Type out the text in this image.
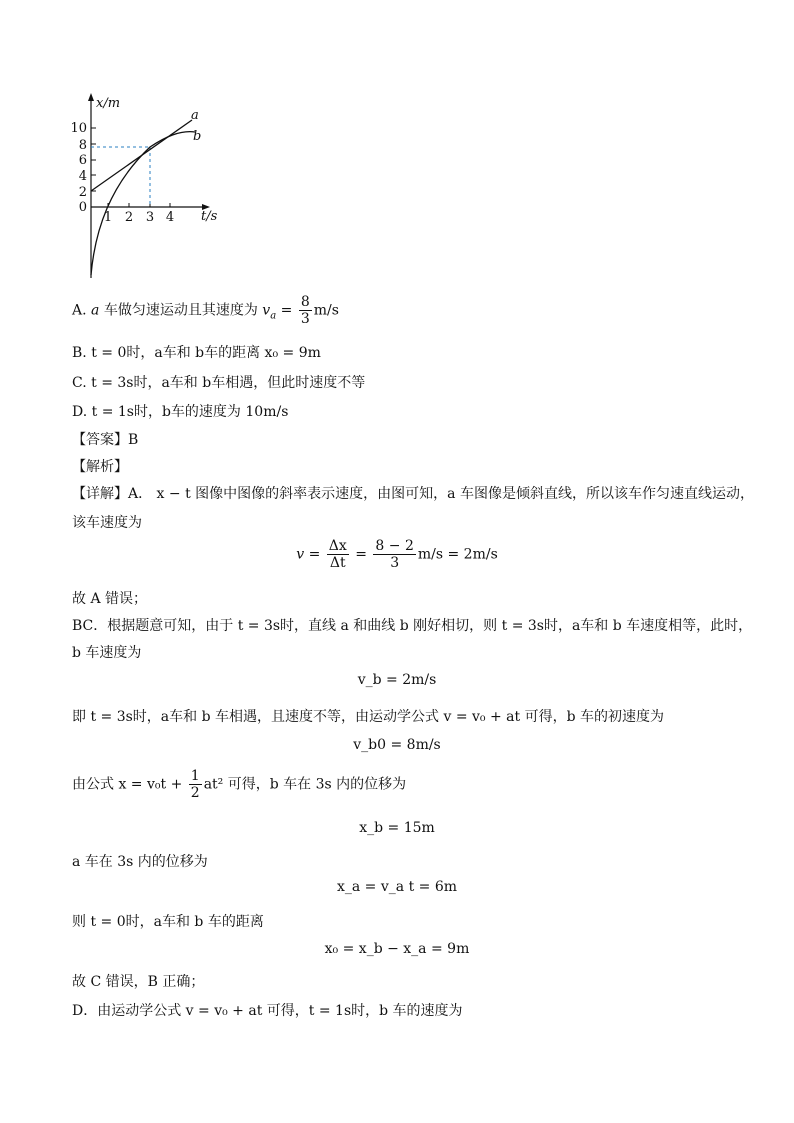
x/m
t/s
a
b
10
8
6
4
2
0
1 2 3 4
A. a 车做匀速运动且其速度为 $v_a = \frac{8}{3} m/s$
B. t = 0时，a车和 b车的距离 x₀ = 9m
C. t = 3s时，a车和 b车相遇，但此时速度不等
D. t = 1s时，b车的速度为 10m/s
【答案】B
【解析】
【详解】A． x − t 图像中图像的斜率表示速度，由图可知，a 车图像是倾斜直线，所以该车作匀速直线运动，
该车速度为
$v = \frac{\Delta x}{\Delta t} = \frac{8 - 2}{3} m/s = 2m/s$
故 A 错误；
BC．根据题意可知，由于 t = 3s时，直线 a 和曲线 b 刚好相切，则 t = 3s时，a车和 b 车速度相等，此时，
b 车速度为
v_b = 2m/s
即 t = 3s时，a车和 b 车相遇，且速度不等，由运动学公式 v = v₀ + at 可得，b 车的初速度为
v_b0 = 8m/s
由公式 $x = v_0t + \frac{1}{2} at^2$ 可得，b 车在 3s 内的位移为
x_b = 15m
a 车在 3s 内的位移为
x_a = v_a t = 6m
则 t = 0时，a车和 b 车的距离
x₀ = x_b − x_a = 9m
故 C 错误，B 正确；
D．由运动学公式 v = v₀ + at 可得，t = 1s时，b 车的速度为
